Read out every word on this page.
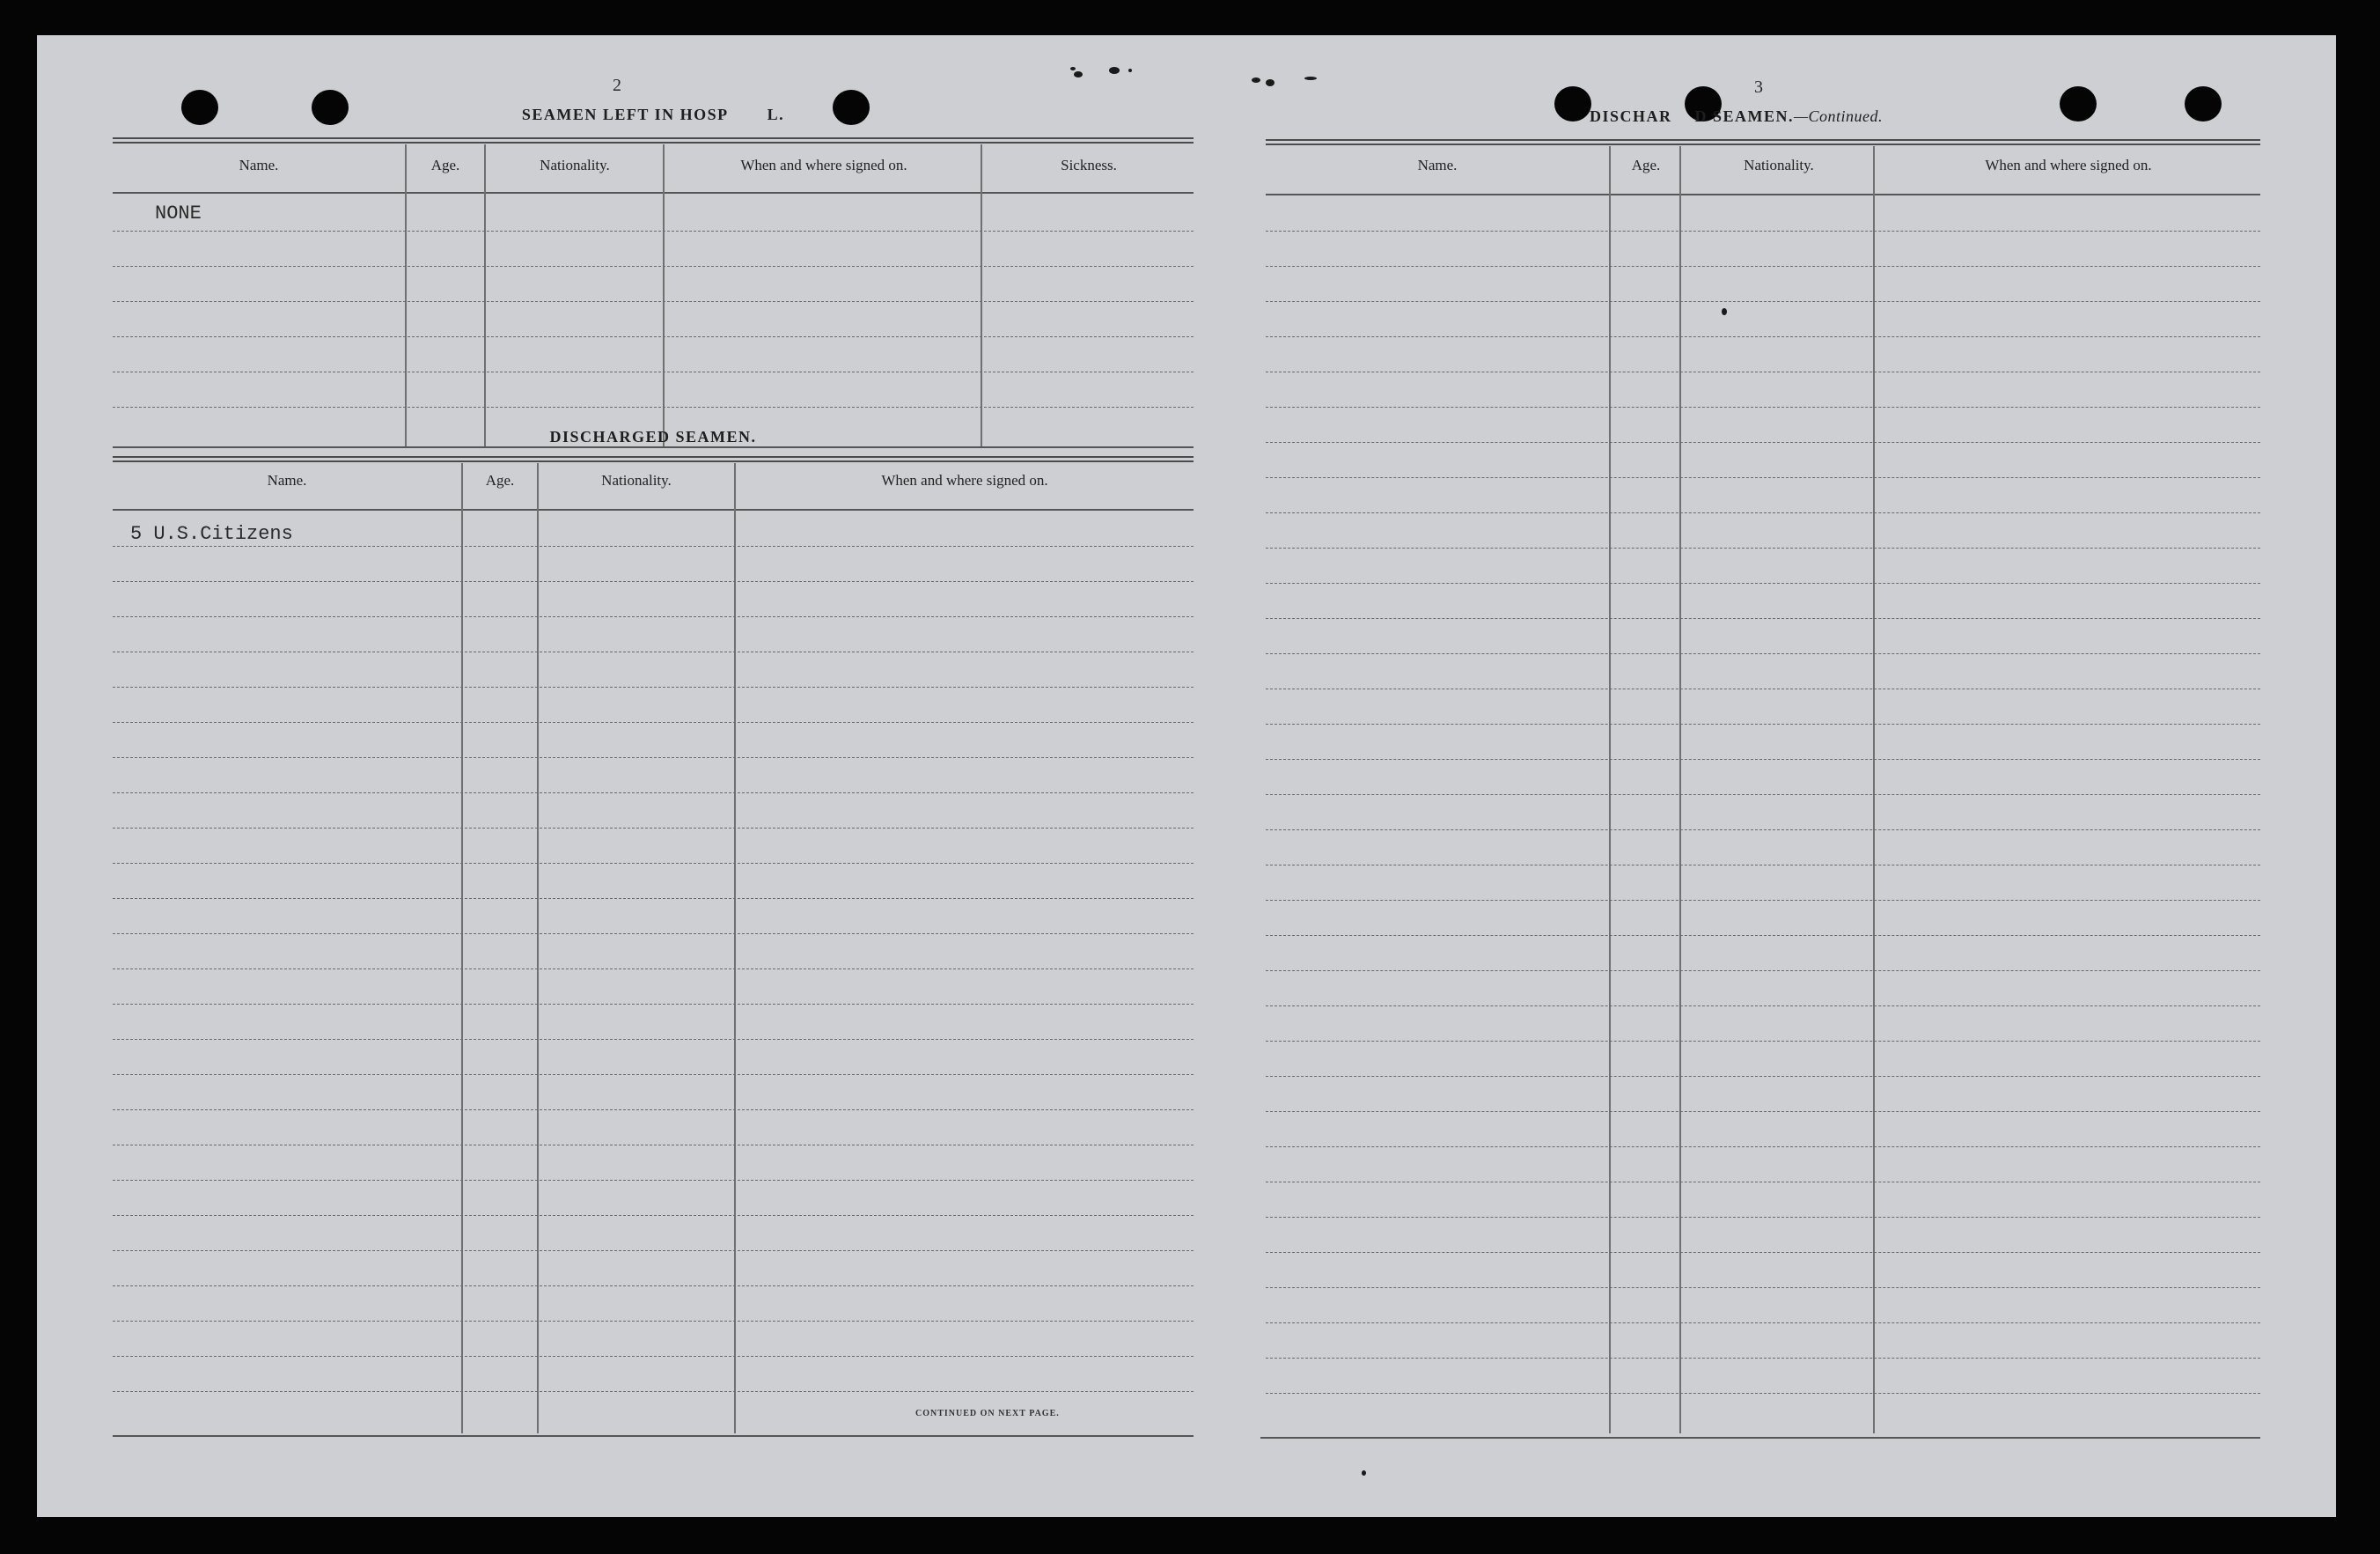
2
SEAMEN LEFT IN HOSP L.
Name.	Age.	Nationality.	When and where signed on.	Sickness.
NONE
DISCHARGED SEAMEN.
Name.	Age.	Nationality.	When and where signed on.
5 U.S.Citizens
CONTINUED ON NEXT PAGE.
3
DISCHAR D SEAMEN.—Continued.
Name.	Age.	Nationality.	When and where signed on.
